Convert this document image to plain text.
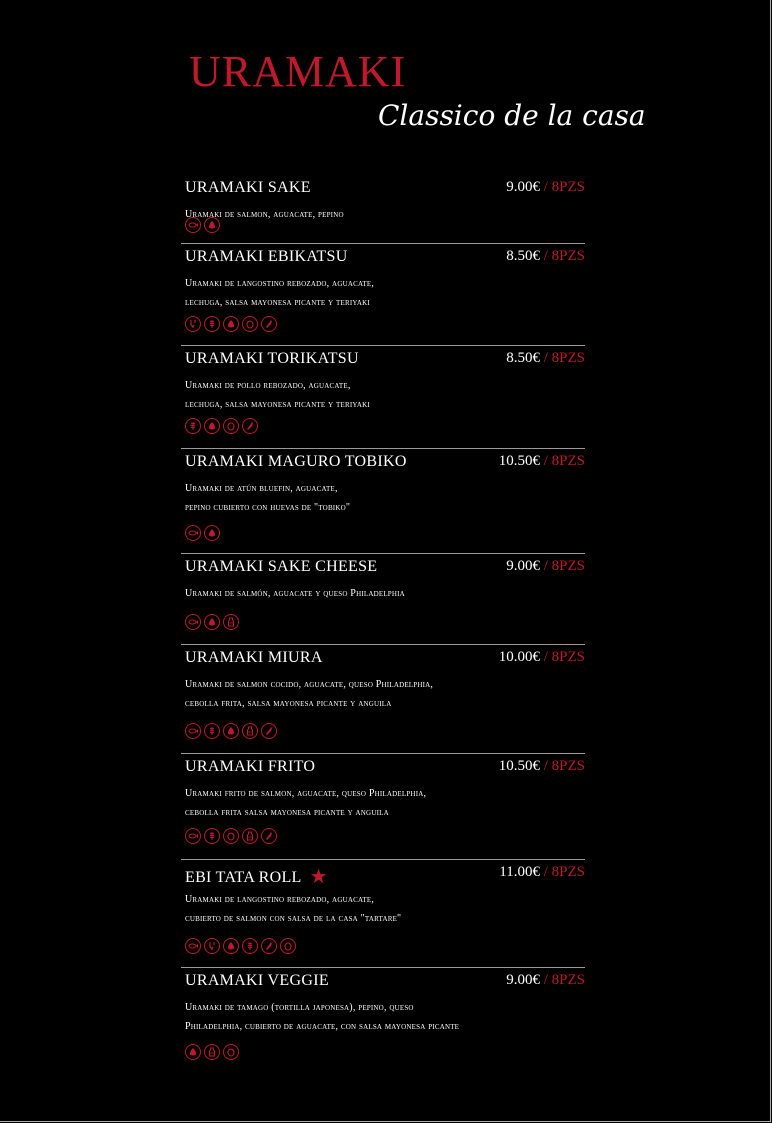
URAMAKI
Classico de la casa
URAMAKI SAKE	9.00€ / 8PZS
Uramaki de salmon, aguacate, pepino
URAMAKI EBIKATSU	8.50€ / 8PZS
Uramaki de langostino rebozado, aguacate,
lechuga, salsa mayonesa picante y teriyaki
URAMAKI TORIKATSU	8.50€ / 8PZS
Uramaki de pollo rebozado, aguacate,
lechuga, salsa mayonesa picante y teriyaki
URAMAKI MAGURO TOBIKO	10.50€ / 8PZS
Uramaki de atún bluefin, aguacate,
pepino cubierto con huevas de "tobiko"
URAMAKI SAKE CHEESE	9.00€ / 8PZS
Uramaki de salmón, aguacate y queso Philadelphia
URAMAKI MIURA	10.00€ / 8PZS
Uramaki de salmon cocido, aguacate, queso Philadelphia,
cebolla frita, salsa mayonesa picante y anguila
URAMAKI FRITO	10.50€ / 8PZS
Uramaki frito de salmon, aguacate, queso Philadelphia,
cebolla frita salsa mayonesa picante y anguila
EBI TATA ROLL ★	11.00€ / 8PZS
Uramaki de langostino rebozado, aguacate,
cubierto de salmon con salsa de la casa "tartare"
URAMAKI VEGGIE	9.00€ / 8PZS
Uramaki de tamago (tortilla japonesa), pepino, queso
Philadelphia, cubierto de aguacate, con salsa mayonesa picante
